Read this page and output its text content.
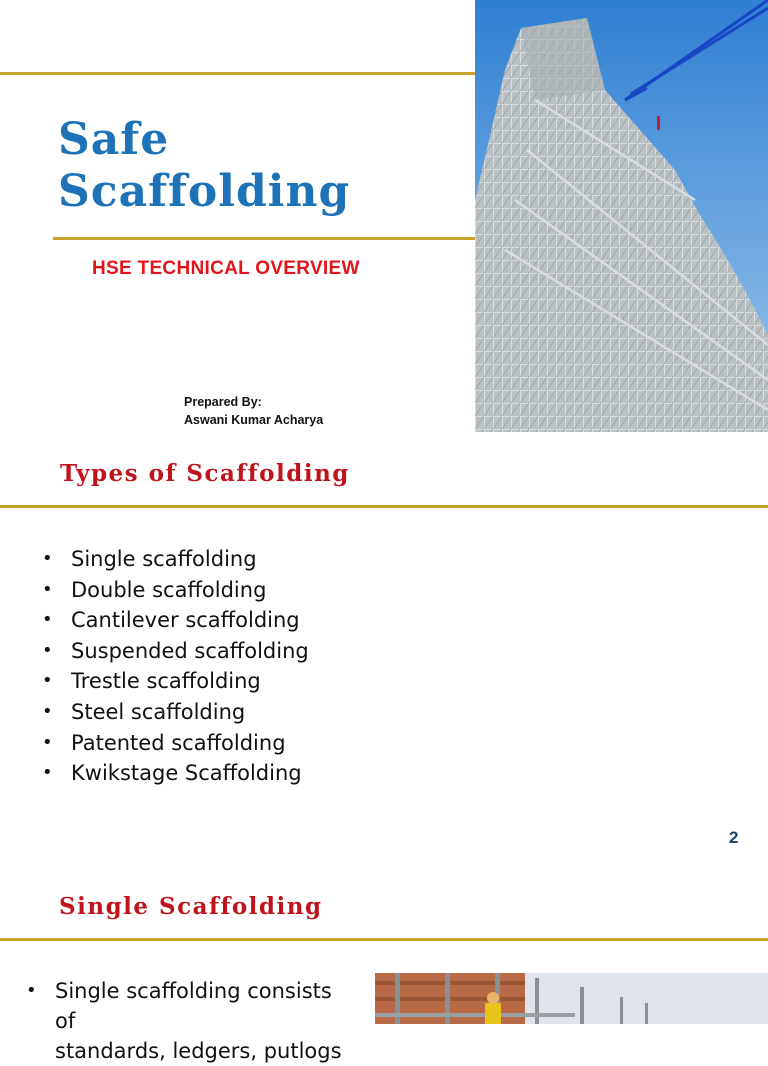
Safe
Scaffolding
HSE TECHNICAL OVERVIEW
Prepared By:
Aswani Kumar Acharya
Types of Scaffolding
• Single scaffolding
• Double scaffolding
• Cantilever scaffolding
• Suspended scaffolding
• Trestle scaffolding
• Steel scaffolding
• Patented scaffolding
• Kwikstage Scaffolding
2
Single Scaffolding
• Single scaffolding consists of
standards, ledgers, putlogs
